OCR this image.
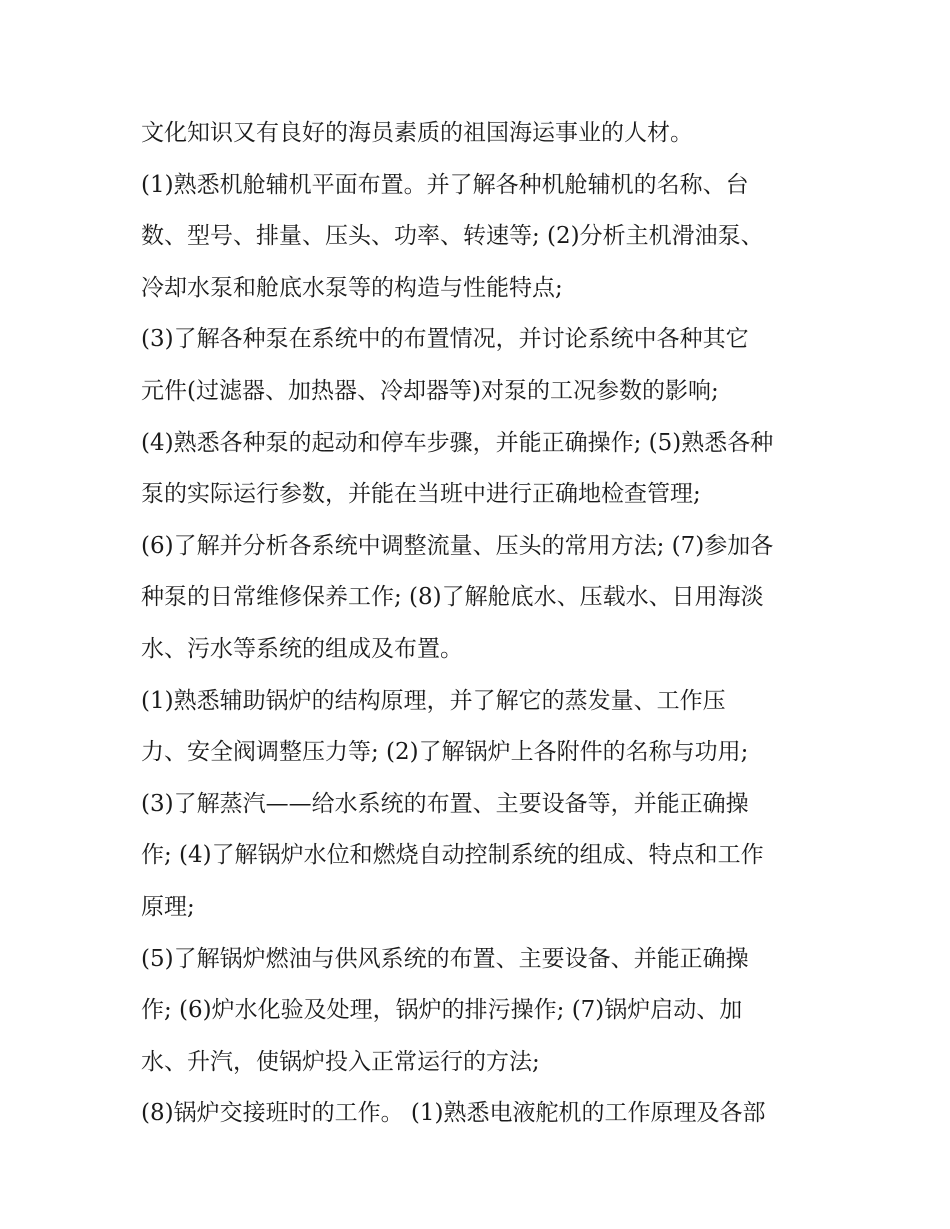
文化知识又有良好的海员素质的祖国海运事业的人材。
(1)熟悉机舱辅机平面布置。并了解各种机舱辅机的名称、台
数、型号、排量、压头、功率、转速等; (2)分析主机滑油泵、
冷却水泵和舱底水泵等的构造与性能特点;
(3)了解各种泵在系统中的布置情况，并讨论系统中各种其它
元件(过滤器、加热器、冷却器等)对泵的工况参数的影响;
(4)熟悉各种泵的起动和停车步骤，并能正确操作; (5)熟悉各种
泵的实际运行参数，并能在当班中进行正确地检查管理;
(6)了解并分析各系统中调整流量、压头的常用方法; (7)参加各
种泵的日常维修保养工作; (8)了解舱底水、压载水、日用海淡
水、污水等系统的组成及布置。
(1)熟悉辅助锅炉的结构原理，并了解它的蒸发量、工作压
力、安全阀调整压力等; (2)了解锅炉上各附件的名称与功用;
(3)了解蒸汽——给水系统的布置、主要设备等，并能正确操
作; (4)了解锅炉水位和燃烧自动控制系统的组成、特点和工作
原理;
(5)了解锅炉燃油与供风系统的布置、主要设备、并能正确操
作; (6)炉水化验及处理，锅炉的排污操作; (7)锅炉启动、加
水、升汽，使锅炉投入正常运行的方法;
(8)锅炉交接班时的工作。 (1)熟悉电液舵机的工作原理及各部
